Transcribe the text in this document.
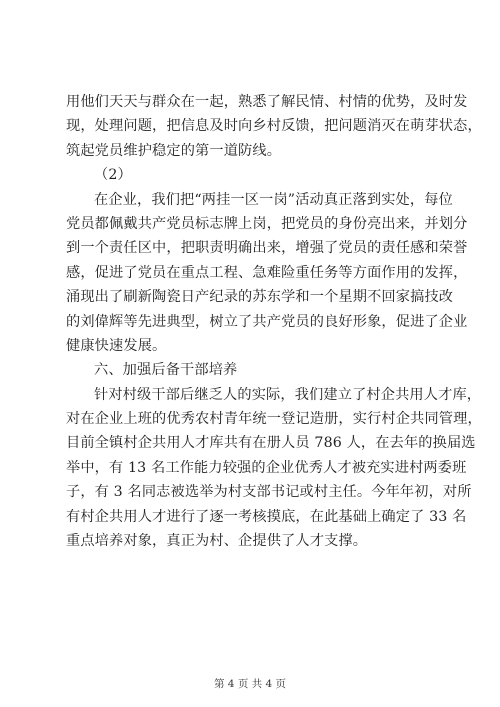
用他们天天与群众在一起，熟悉了解民情、村情的优势，及时发
现，处理问题，把信息及时向乡村反馈，把问题消灭在萌芽状态，
筑起党员维护稳定的第一道防线。
（2）
在企业，我们把“两挂一区一岗”活动真正落到实处，每位
党员都佩戴共产党员标志牌上岗，把党员的身份亮出来，并划分
到一个责任区中，把职责明确出来，增强了党员的责任感和荣誉
感，促进了党员在重点工程、急难险重任务等方面作用的发挥，
涌现出了刷新陶瓷日产纪录的苏东学和一个星期不回家搞技改
的刘偉辉等先进典型，树立了共产党员的良好形象，促进了企业
健康快速发展。
六、加强后备干部培养
针对村级干部后继乏人的实际，我们建立了村企共用人才库，
对在企业上班的优秀农村青年统一登记造册，实行村企共同管理，
目前全镇村企共用人才库共有在册人员 786 人，在去年的换届选
举中，有 13 名工作能力较强的企业优秀人才被充实进村两委班
子，有 3 名同志被选举为村支部书记或村主任。今年年初，对所
有村企共用人才进行了逐一考核摸底，在此基础上确定了 33 名
重点培养对象，真正为村、企提供了人才支撑。
第 4 页 共 4 页
